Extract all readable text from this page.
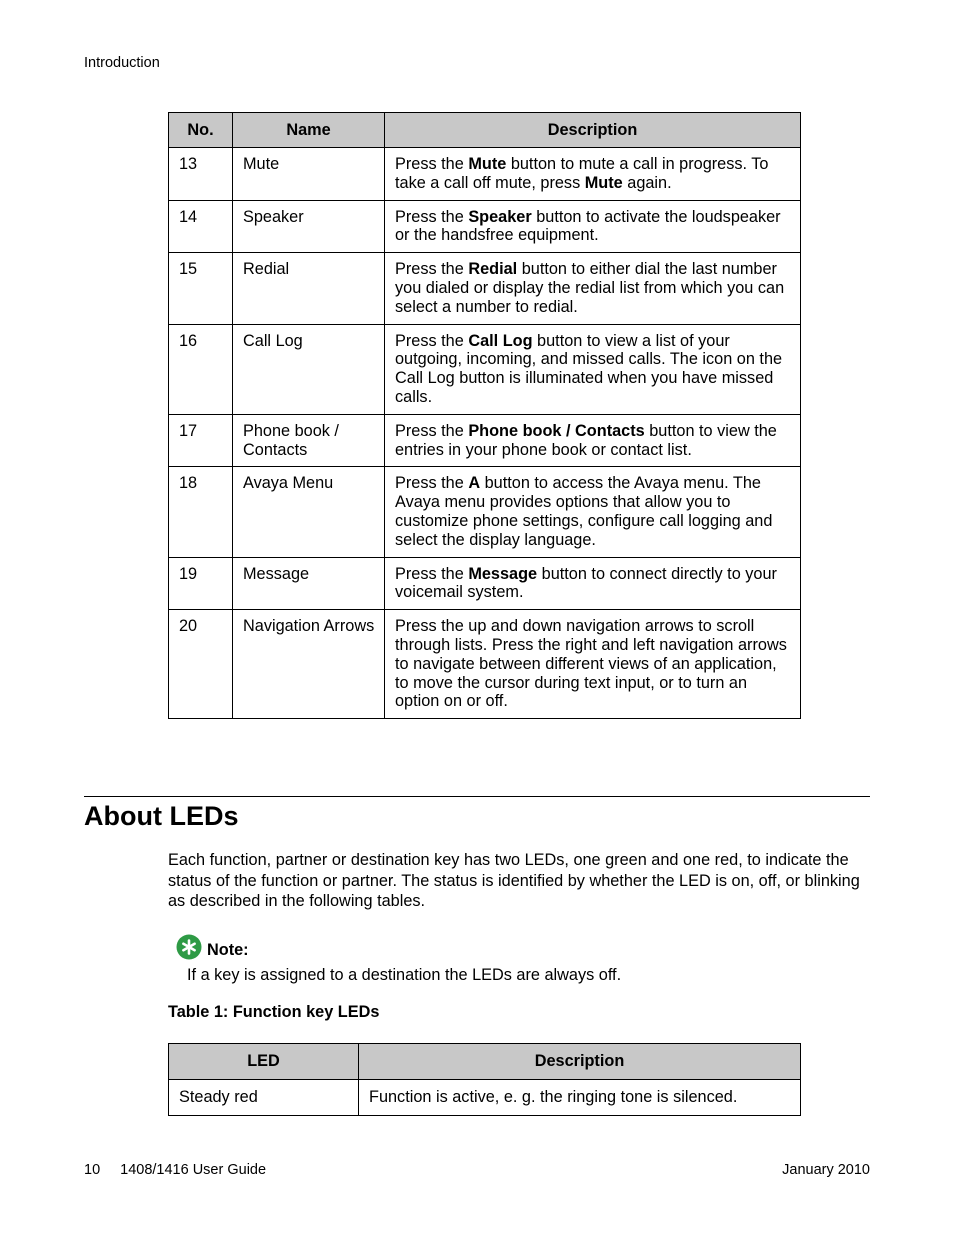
Introduction
No.	Name	Description
13	Mute	Press the Mute button to mute a call in progress. To take a call off mute, press Mute again.
14	Speaker	Press the Speaker button to activate the loudspeaker or the handsfree equipment.
15	Redial	Press the Redial button to either dial the last number you dialed or display the redial list from which you can select a number to redial.
16	Call Log	Press the Call Log button to view a list of your outgoing, incoming, and missed calls. The icon on the Call Log button is illuminated when you have missed calls.
17	Phone book / Contacts	Press the Phone book / Contacts button to view the entries in your phone book or contact list.
18	Avaya Menu	Press the A button to access the Avaya menu. The Avaya menu provides options that allow you to customize phone settings, configure call logging and select the display language.
19	Message	Press the Message button to connect directly to your voicemail system.
20	Navigation Arrows	Press the up and down navigation arrows to scroll through lists. Press the right and left navigation arrows to navigate between different views of an application, to move the cursor during text input, or to turn an option on or off.
About LEDs

Each function, partner or destination key has two LEDs, one green and one red, to indicate the status of the function or partner. The status is identified by whether the LED is on, off, or blinking as described in the following tables.

Note:
If a key is assigned to a destination the LEDs are always off.
Table 1: Function key LEDs
LED	Description
Steady red	Function is active, e. g. the ringing tone is silenced.
10 1408/1416 User Guide	January 2010
